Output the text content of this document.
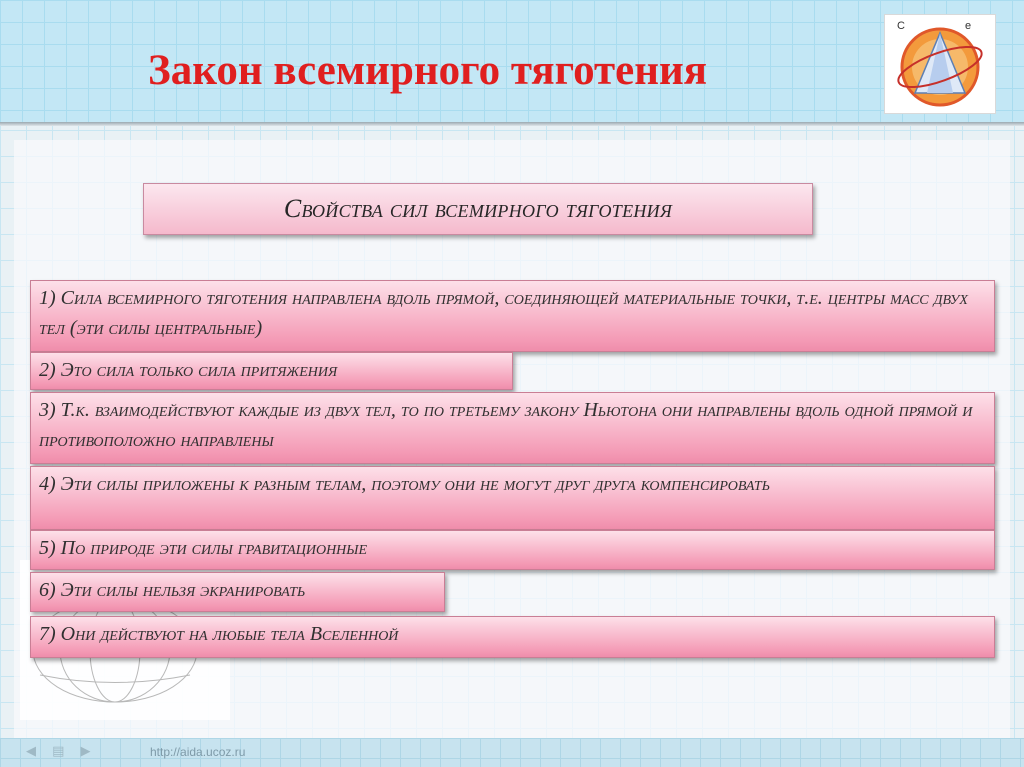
Закон всемирного тяготения
C	e
Свойства сил всемирного тяготения
1) Сила всемирного тяготения направлена вдоль прямой, соединяющей материальные точки, т.е. центры масс двух тел (эти силы центральные)
2) Это сила только сила притяжения
3) Т.к. взаимодействуют каждые из двух тел, то по третьему закону Ньютона они направлены вдоль одной прямой и противоположно направлены
4) Эти силы приложены к разным телам, поэтому они не могут друг друга компенсировать
5) По природе эти силы гравитационные
6) Эти силы нельзя экранировать
7) Они действуют на любые тела Вселенной
◀ ▤ ▶	http://aida.ucoz.ru
